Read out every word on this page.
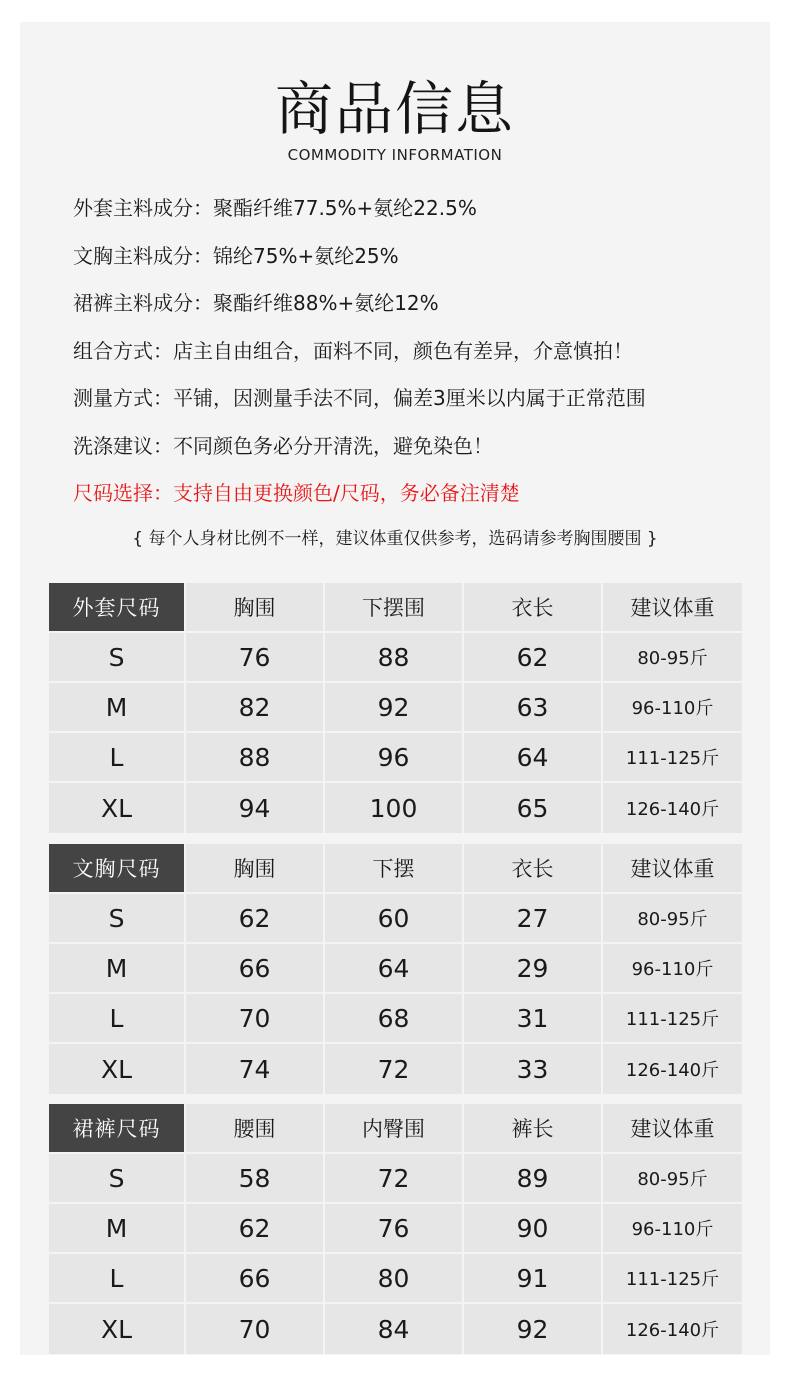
商品信息
COMMODITY INFORMATION
外套主料成分：聚酯纤维77.5%+氨纶22.5%
文胸主料成分：锦纶75%+氨纶25%
裙裤主料成分：聚酯纤维88%+氨纶12%
组合方式：店主自由组合，面料不同，颜色有差异，介意慎拍！
测量方式：平铺，因测量手法不同，偏差3厘米以内属于正常范围
洗涤建议：不同颜色务必分开清洗，避免染色！
尺码选择：支持自由更换颜色/尺码，务必备注清楚
{ 每个人身材比例不一样，建议体重仅供参考，选码请参考胸围腰围 }
外套尺码	胸围	下摆围	衣长	建议体重
S	76	88	62	80-95斤
M	82	92	63	96-110斤
L	88	96	64	111-125斤
XL	94	100	65	126-140斤
文胸尺码	胸围	下摆	衣长	建议体重
S	62	60	27	80-95斤
M	66	64	29	96-110斤
L	70	68	31	111-125斤
XL	74	72	33	126-140斤
裙裤尺码	腰围	内臀围	裤长	建议体重
S	58	72	89	80-95斤
M	62	76	90	96-110斤
L	66	80	91	111-125斤
XL	70	84	92	126-140斤
